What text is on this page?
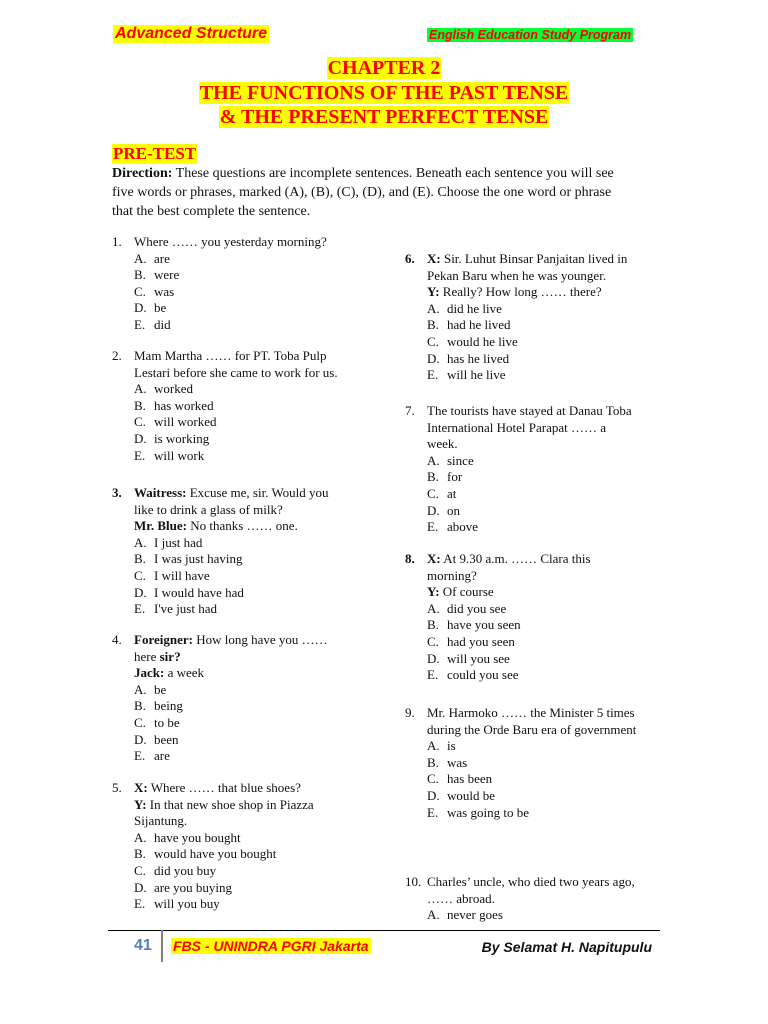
Advanced Structure	English Education Study Program
CHAPTER 2
THE FUNCTIONS OF THE PAST TENSE
& THE PRESENT PERFECT TENSE
PRE-TEST
Direction: These questions are incomplete sentences. Beneath each sentence you will see
five words or phrases, marked (A), (B), (C), (D), and (E). Choose the one word or phrase
that the best complete the sentence.
1. Where …… you yesterday morning?
A. are
B. were
C. was
D. be
E. did
2. Mam Martha …… for PT. Toba Pulp
Lestari before she came to work for us.
A. worked
B. has worked
C. will worked
D. is working
E. will work
3. Waitress: Excuse me, sir. Would you
like to drink a glass of milk?
Mr. Blue: No thanks …… one.
A. I just had
B. I was just having
C. I will have
D. I would have had
E. I've just had
4. Foreigner: How long have you ……
here sir?
Jack: a week
A. be
B. being
C. to be
D. been
E. are
5. X: Where …… that blue shoes?
Y: In that new shoe shop in Piazza
Sijantung.
A. have you bought
B. would have you bought
C. did you buy
D. are you buying
E. will you buy
6. X: Sir. Luhut Binsar Panjaitan lived in
Pekan Baru when he was younger.
Y: Really? How long …… there?
A. did he live
B. had he lived
C. would he live
D. has he lived
E. will he live
7. The tourists have stayed at Danau Toba
International Hotel Parapat …… a
week.
A. since
B. for
C. at
D. on
E. above
8. X: At 9.30 a.m. …… Clara this
morning?
Y: Of course
A. did you see
B. have you seen
C. had you seen
D. will you see
E. could you see
9. Mr. Harmoko …… the Minister 5 times
during the Orde Baru era of government
A. is
B. was
C. has been
D. would be
E. was going to be
10. Charles’ uncle, who died two years ago,
…… abroad.
A. never goes
41 FBS - UNINDRA PGRI Jakarta	By Selamat H. Napitupulu
